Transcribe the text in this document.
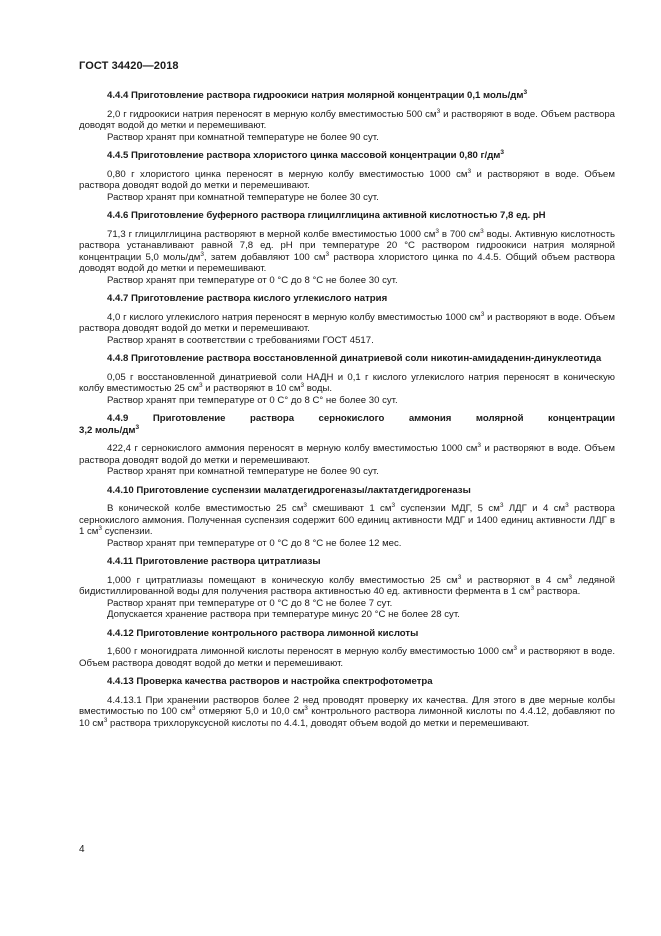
ГОСТ 34420—2018
4.4.4 Приготовление раствора гидроокиси натрия молярной концентрации 0,1 моль/$дм^3$

2,0 г гидроокиси натрия переносят в мерную колбу вместимостью 500 $см^3$ и растворяют в воде. Объем раствора доводят водой до метки и перемешивают.

Раствор хранят при комнатной температуре не более 90 сут.

4.4.5 Приготовление раствора хлористого цинка массовой концентрации 0,80 $г/дм^3$

0,80 г хлористого цинка переносят в мерную колбу вместимостью 1000 $см^3$ и растворяют в воде. Объем раствора доводят водой до метки и перемешивают.

Раствор хранят при комнатной температуре не более 30 сут.

4.4.6 Приготовление буферного раствора глицилглицина активной кислотностью 7,8 ед. pH

71,3 г глицилглицина растворяют в мерной колбе вместимостью 1000 $см^3$ в 700 $см^3$ воды. Активную кислотность раствора устанавливают равной 7,8 ед. pH при температуре 20 °С раствором гидроокиси натрия молярной концентрации 5,0 моль/$дм^3$, затем добавляют 100 $см^3$ раствора хлористого цинка по 4.4.5. Общий объем раствора доводят водой до метки и перемешивают.

Раствор хранят при температуре от 0 °С до 8 °С не более 30 сут.

4.4.7 Приготовление раствора кислого углекислого натрия

4,0 г кислого углекислого натрия переносят в мерную колбу вместимостью 1000 $см^3$ и растворяют в воде. Объем раствора доводят водой до метки и перемешивают.

Раствор хранят в соответствии с требованиями ГОСТ 4517.

4.4.8 Приготовление раствора восстановленной динатриевой соли никотин-амидаденин-динуклеотида

0,05 г восстановленной динатриевой соли НАДН и 0,1 г кислого углекислого натрия переносят в коническую колбу вместимостью 25 $см^3$ и растворяют в 10 $см^3$ воды.

Раствор хранят при температуре от 0 С° до 8 С° не более 30 сут.

4.4.9 Приготовление раствора сернокислого аммония молярной концентрации
3,2 моль/$дм^3$

422,4 г сернокислого аммония переносят в мерную колбу вместимостью 1000 $см^3$ и растворяют в воде. Объем раствора доводят водой до метки и перемешивают.

Раствор хранят при комнатной температуре не более 90 сут.

4.4.10 Приготовление суспензии малатдегидрогеназы/лактатдегидрогеназы

В конической колбе вместимостью 25 $см^3$ смешивают 1 $см^3$ суспензии МДГ, 5 $см^3$ ЛДГ и 4 $см^3$ раствора сернокислого аммония. Полученная суспензия содержит 600 единиц активности МДГ и 1400 единиц активности ЛДГ в 1 $см^3$ суспензии.

Раствор хранят при температуре от 0 °С до 8 °С не более 12 мес.

4.4.11 Приготовление раствора цитратлиазы

1,000 г цитратлиазы помещают в коническую колбу вместимостью 25 $см^3$ и растворяют в 4 $см^3$ ледяной бидистиллированной воды для получения раствора активностью 40 ед. активности фермента в 1 $см^3$ раствора.

Раствор хранят при температуре от 0 °С до 8 °С не более 7 сут.

Допускается хранение раствора при температуре минус 20 °С не более 28 сут.

4.4.12 Приготовление контрольного раствора лимонной кислоты

1,600 г моногидрата лимонной кислоты переносят в мерную колбу вместимостью 1000 $см^3$ и растворяют в воде. Объем раствора доводят водой до метки и перемешивают.

4.4.13 Проверка качества растворов и настройка спектрофотометра

4.4.13.1 При хранении растворов более 2 нед проводят проверку их качества. Для этого в две мерные колбы вместимостью по 100 $см^3$ отмеряют 5,0 и 10,0 $см^3$ контрольного раствора лимонной кислоты по 4.4.12, добавляют по 10 $см^3$ раствора трихлоруксусной кислоты по 4.4.1, доводят объем водой до метки и перемешивают.

4
